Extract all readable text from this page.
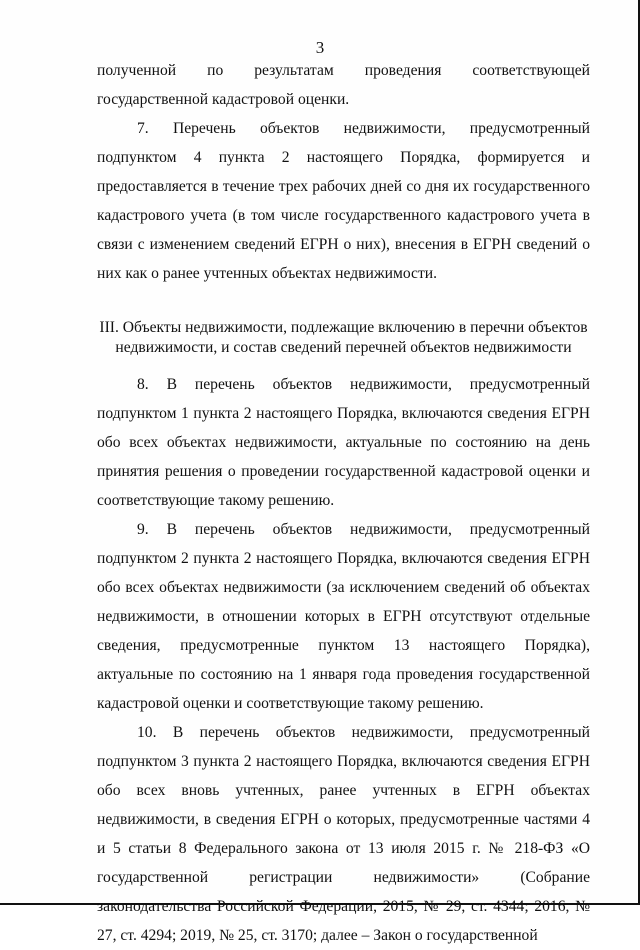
3

полученной по результатам проведения соответствующей государственной кадастровой оценки.

7. Перечень объектов недвижимости, предусмотренный подпунктом 4 пункта 2 настоящего Порядка, формируется и предоставляется в течение трех рабочих дней со дня их государственного кадастрового учета (в том числе государственного кадастрового учета в связи с изменением сведений ЕГРН о них), внесения в ЕГРН сведений о них как о ранее учтенных объектах недвижимости.

III. Объекты недвижимости, подлежащие включению в перечни объектов
недвижимости, и состав сведений перечней объектов недвижимости

8. В перечень объектов недвижимости, предусмотренный подпунктом 1 пункта 2 настоящего Порядка, включаются сведения ЕГРН обо всех объектах недвижимости, актуальные по состоянию на день принятия решения о проведении государственной кадастровой оценки и соответствующие такому решению.

9. В перечень объектов недвижимости, предусмотренный подпунктом 2 пункта 2 настоящего Порядка, включаются сведения ЕГРН обо всех объектах недвижимости (за исключением сведений об объектах недвижимости, в отношении которых в ЕГРН отсутствуют отдельные сведения, предусмотренные пунктом 13 настоящего Порядка), актуальные по состоянию на 1 января года проведения государственной кадастровой оценки и соответствующие такому решению.

10. В перечень объектов недвижимости, предусмотренный подпунктом 3 пункта 2 настоящего Порядка, включаются сведения ЕГРН обо всех вновь учтенных, ранее учтенных в ЕГРН объектах недвижимости, в сведения ЕГРН о которых, предусмотренные частями 4 и 5 статьи 8 Федерального закона от 13 июля 2015 г. № 218-ФЗ «О государственной регистрации недвижимости» (Собрание законодательства Российской Федерации, 2015, № 29, ст. 4344; 2016, № 27, ст. 4294; 2019, № 25, ст. 3170; далее – Закон о государственной
